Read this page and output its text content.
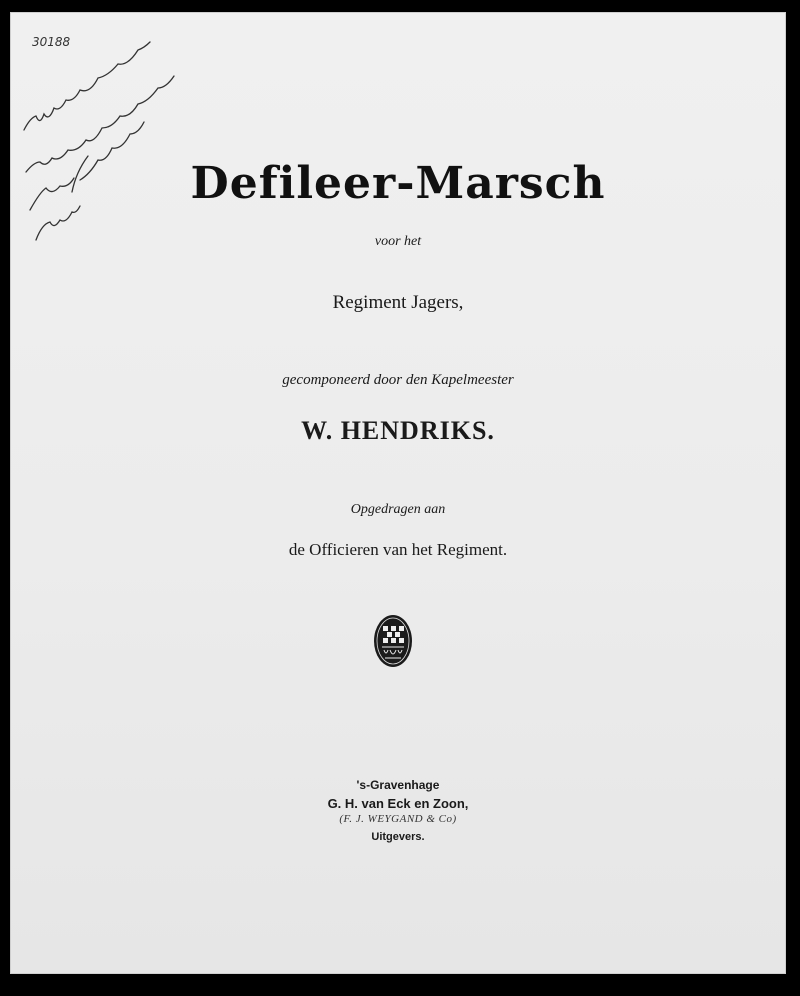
30188
Defileer-Marsch
voor het
Regiment Jagers,
gecomponeerd door den Kapelmeester
W. HENDRIKS.
Opgedragen aan
de Officieren van het Regiment.
's-Gravenhage
G. H. van Eck en Zoon,
(F. J. WEYGAND & Co)
Uitgevers.
